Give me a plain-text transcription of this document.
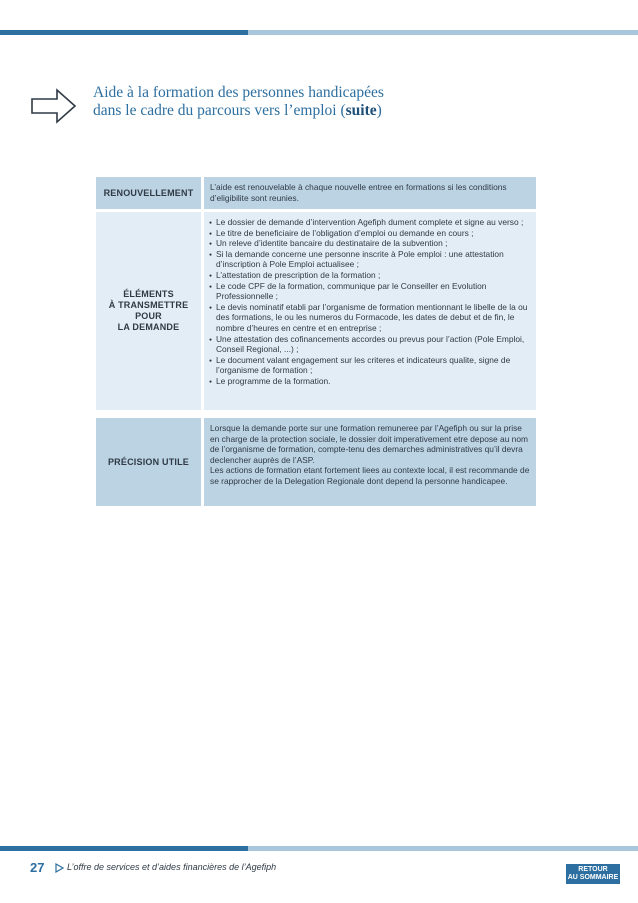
Aide à la formation des personnes handicapées
dans le cadre du parcours vers l’emploi (suite)
RENOUVELLEMENT
L’aide est renouvelable à chaque nouvelle entree en formations si les conditions d’eligibilite sont reunies.
ÉLÉMENTS
À TRANSMETTRE
POUR
LA DEMANDE
● Le dossier de demande d’intervention Agefiph dument complete et signe au verso ;
● Le titre de beneficiaire de l’obligation d’emploi ou demande en cours ;
● Un releve d’identite bancaire du destinataire de la subvention ;
● Si la demande concerne une personne inscrite à Pole emploi : une attestation d’inscription à Pole Emploi actualisee ;
● L’attestation de prescription de la formation ;
● Le code CPF de la formation, communique par le Conseiller en Evolution Professionnelle ;
● Le devis nominatif etabli par l’organisme de formation mentionnant le libelle de la ou des formations, le ou les numeros du Formacode, les dates de debut et de fin, le nombre d’heures en centre et en entreprise ;
● Une attestation des cofinancements accordes ou prevus pour l’action (Pole Emploi, Conseil Regional, ...) ;
● Le document valant engagement sur les criteres et indicateurs qualite, signe de l’organisme de formation ;
● Le programme de la formation.
PRÉCISION UTILE
Lorsque la demande porte sur une formation remuneree par l’Agefiph ou sur la prise en charge de la protection sociale, le dossier doit imperativement etre depose au nom de l’organisme de formation, compte-tenu des demarches administratives qu’il devra declencher auprès de l’ASP.
Les actions de formation etant fortement liees au contexte local, il est recommande de se rapprocher de la Delegation Regionale dont depend la personne handicapee.
27	L’offre de services et d’aides financières de l’Agefiph	RETOUR
AU SOMMAIRE
